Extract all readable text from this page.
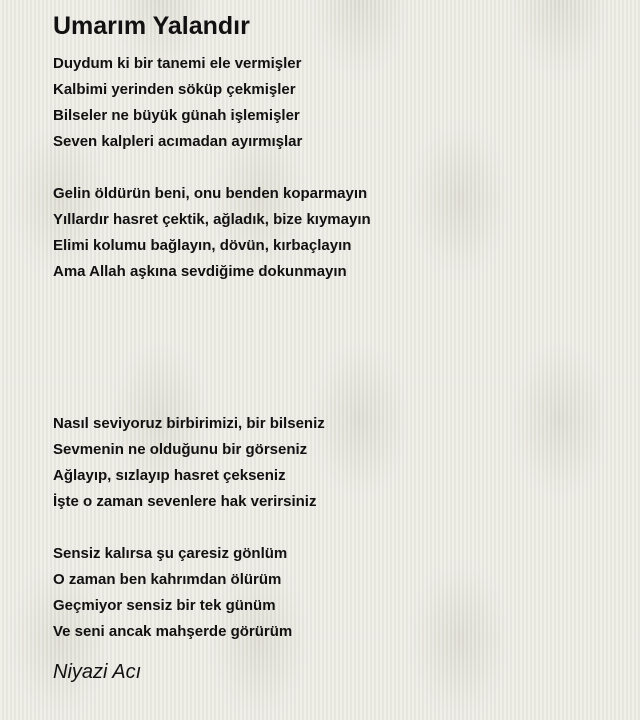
Umarım Yalandır
Duydum ki bir tanemi ele vermişler
Kalbimi yerinden söküp çekmişler
Bilseler ne büyük günah işlemişler
Seven kalpleri acımadan ayırmışlar
Gelin öldürün beni, onu benden koparmayın
Yıllardır hasret çektik, ağladık, bize kıymayın
Elimi kolumu bağlayın, dövün, kırbaçlayın
Ama Allah aşkına sevdiğime dokunmayın
Nasıl seviyoruz birbirimizi, bir bilseniz
Sevmenin ne olduğunu bir görseniz
Ağlayıp, sızlayıp hasret çekseniz
İşte o zaman sevenlere hak verirsiniz
Sensiz kalırsa şu çaresiz gönlüm
O zaman ben kahrımdan ölürüm
Geçmiyor sensiz bir tek günüm
Ve seni ancak mahşerde görürüm

Niyazi Acı
